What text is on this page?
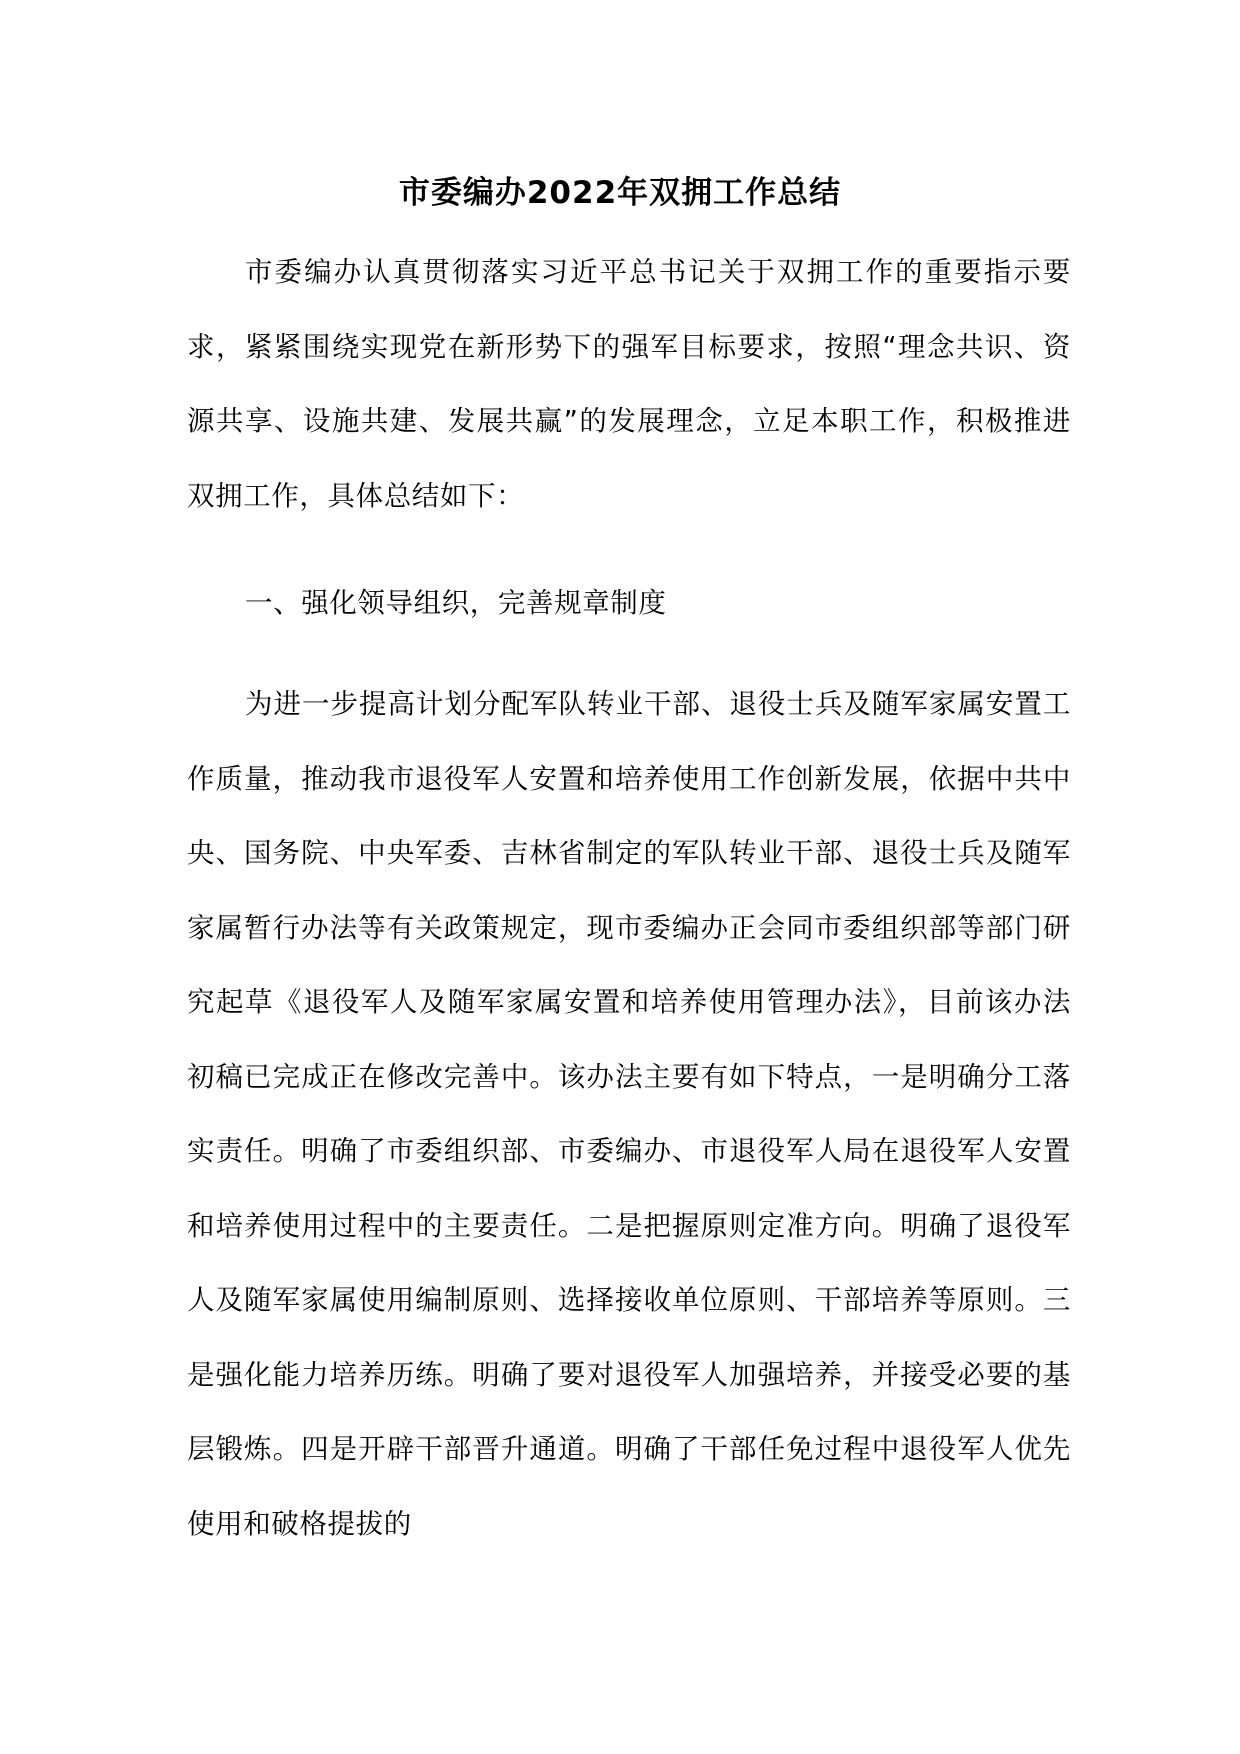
市委编办2022年双拥工作总结

市委编办认真贯彻落实习近平总书记关于双拥工作的重要指示要求，紧紧围绕实现党在新形势下的强军目标要求，按照“理念共识、资源共享、设施共建、发展共赢”的发展理念，立足本职工作，积极推进双拥工作，具体总结如下：

一、强化领导组织，完善规章制度

为进一步提高计划分配军队转业干部、退役士兵及随军家属安置工作质量，推动我市退役军人安置和培养使用工作创新发展，依据中共中央、国务院、中央军委、吉林省制定的军队转业干部、退役士兵及随军家属暂行办法等有关政策规定，现市委编办正会同市委组织部等部门研究起草《退役军人及随军家属安置和培养使用管理办法》，目前该办法初稿已完成正在修改完善中。该办法主要有如下特点，一是明确分工落实责任。明确了市委组织部、市委编办、市退役军人局在退役军人安置和培养使用过程中的主要责任。二是把握原则定准方向。明确了退役军人及随军家属使用编制原则、选择接收单位原则、干部培养等原则。三是强化能力培养历练。明确了要对退役军人加强培养，并接受必要的基层锻炼。四是开辟干部晋升通道。明确了干部任免过程中退役军人优先使用和破格提拔的
